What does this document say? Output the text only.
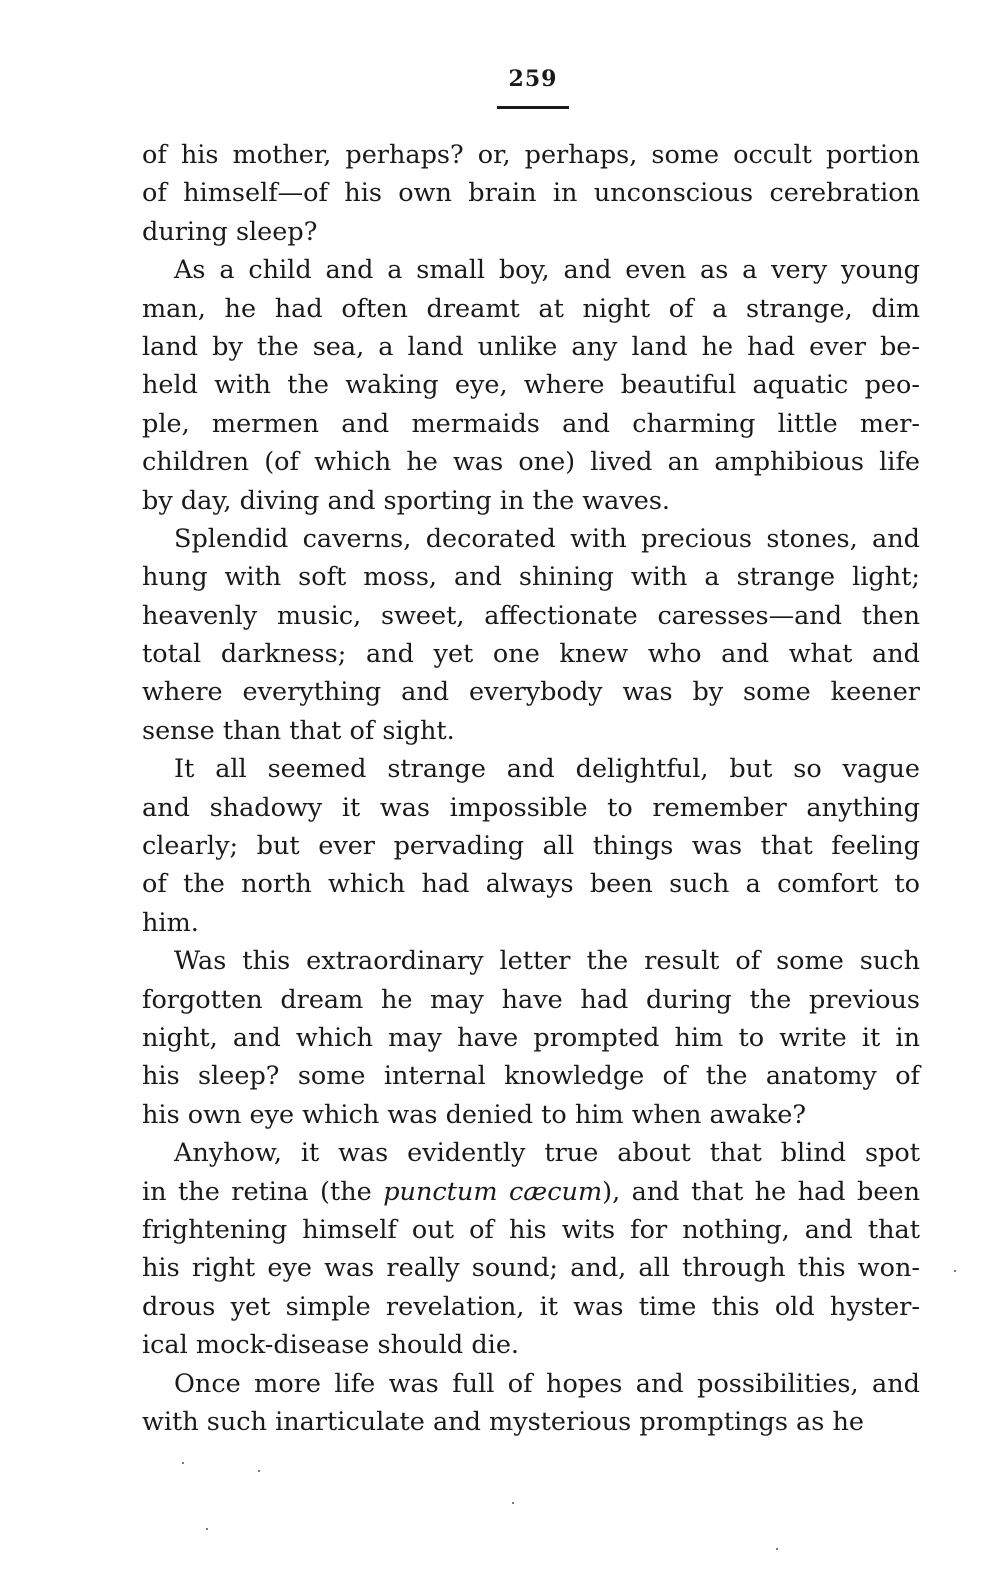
259
of his mother, perhaps? or, perhaps, some occult portion
of himself—of his own brain in unconscious cerebration
during sleep?
As a child and a small boy, and even as a very young
man, he had often dreamt at night of a strange, dim
land by the sea, a land unlike any land he had ever be-
held with the waking eye, where beautiful aquatic peo-
ple, mermen and mermaids and charming little mer-
children (of which he was one) lived an amphibious life
by day, diving and sporting in the waves.
Splendid caverns, decorated with precious stones, and
hung with soft moss, and shining with a strange light;
heavenly music, sweet, affectionate caresses—and then
total darkness; and yet one knew who and what and
where everything and everybody was by some keener
sense than that of sight.
It all seemed strange and delightful, but so vague
and shadowy it was impossible to remember anything
clearly; but ever pervading all things was that feeling
of the north which had always been such a comfort to
him.
Was this extraordinary letter the result of some such
forgotten dream he may have had during the previous
night, and which may have prompted him to write it in
his sleep? some internal knowledge of the anatomy of
his own eye which was denied to him when awake?
Anyhow, it was evidently true about that blind spot
in the retina (the punctum cæcum), and that he had been
frightening himself out of his wits for nothing, and that
his right eye was really sound; and, all through this won-
drous yet simple revelation, it was time this old hyster-
ical mock-disease should die.
Once more life was full of hopes and possibilities, and
with such inarticulate and mysterious promptings as he
